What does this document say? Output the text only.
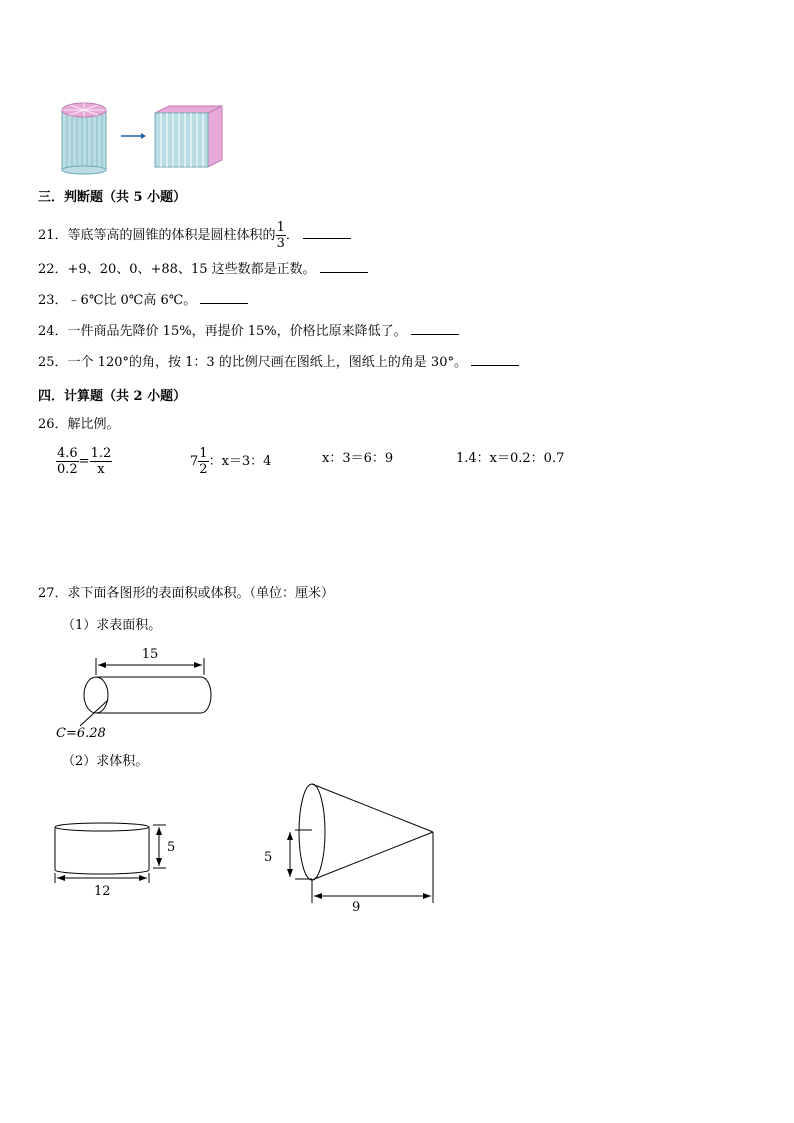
三．判断题（共 5 小题）
21．等底等高的圆锥的体积是圆柱体积的 $\frac{1}{3}$ ．
22．+9、20、0、+88、15 这些数都是正数。
23．﹣6℃比 0℃高 6℃。
24．一件商品先降价 15%，再提价 15%，价格比原来降低了。
25．一个 120°的角，按 1：3 的比例尺画在图纸上，图纸上的角是 30°。
四．计算题（共 2 小题）
26．解比例。
$\frac{4.6}{0.2} = \frac{1.2}{x}$	$7 \frac{1}{2}$ ：x＝3：4	x：3＝6：9	1.4：x＝0.2：0.7
27．求下面各图形的表面积或体积。（单位：厘米）
（1）求表面积。
15
C=6.28
（2）求体积。
5
12
5
9
